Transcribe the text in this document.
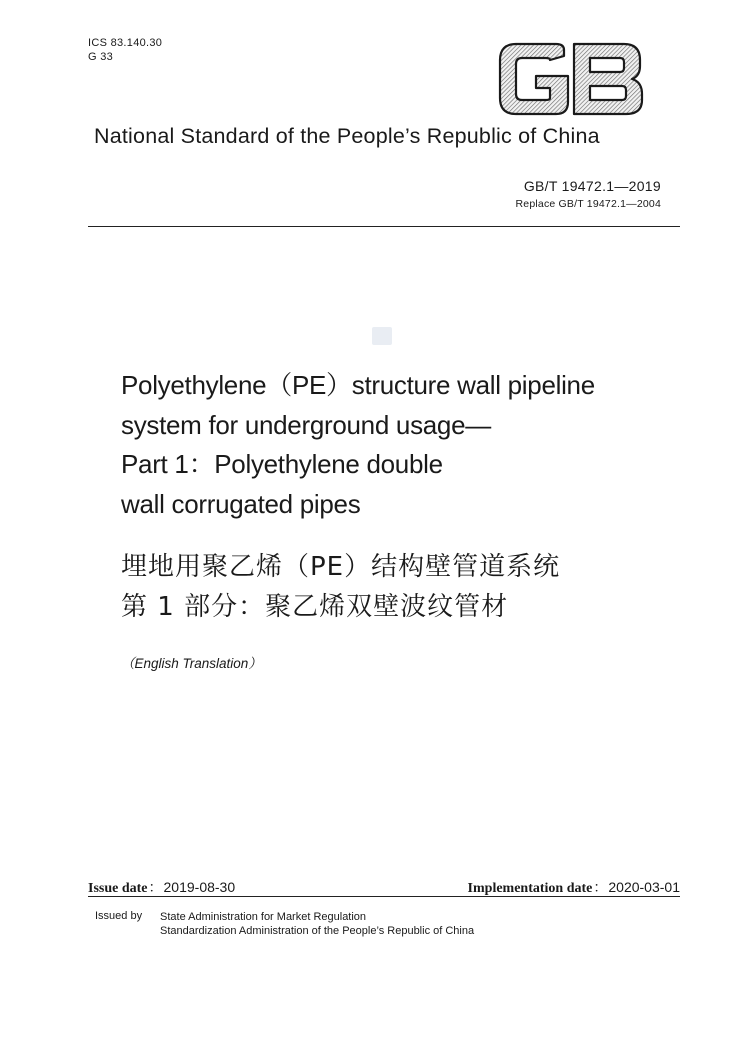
ICS 83.140.30
G 33
National Standard of the People’s Republic of China
GB/T 19472.1—2019
Replace GB/T 19472.1—2004
Polyethylene（PE）structure wall pipeline
system for underground usage—
Part 1：Polyethylene double
wall corrugated pipes
埋地用聚乙烯（PE）结构壁管道系统
第 1 部分：聚乙烯双壁波纹管材
（English Translation）
Issue date：2019-08-30	Implementation date：2020-03-01
Issued by State Administration for Market Regulation
Standardization Administration of the People’s Republic of China
